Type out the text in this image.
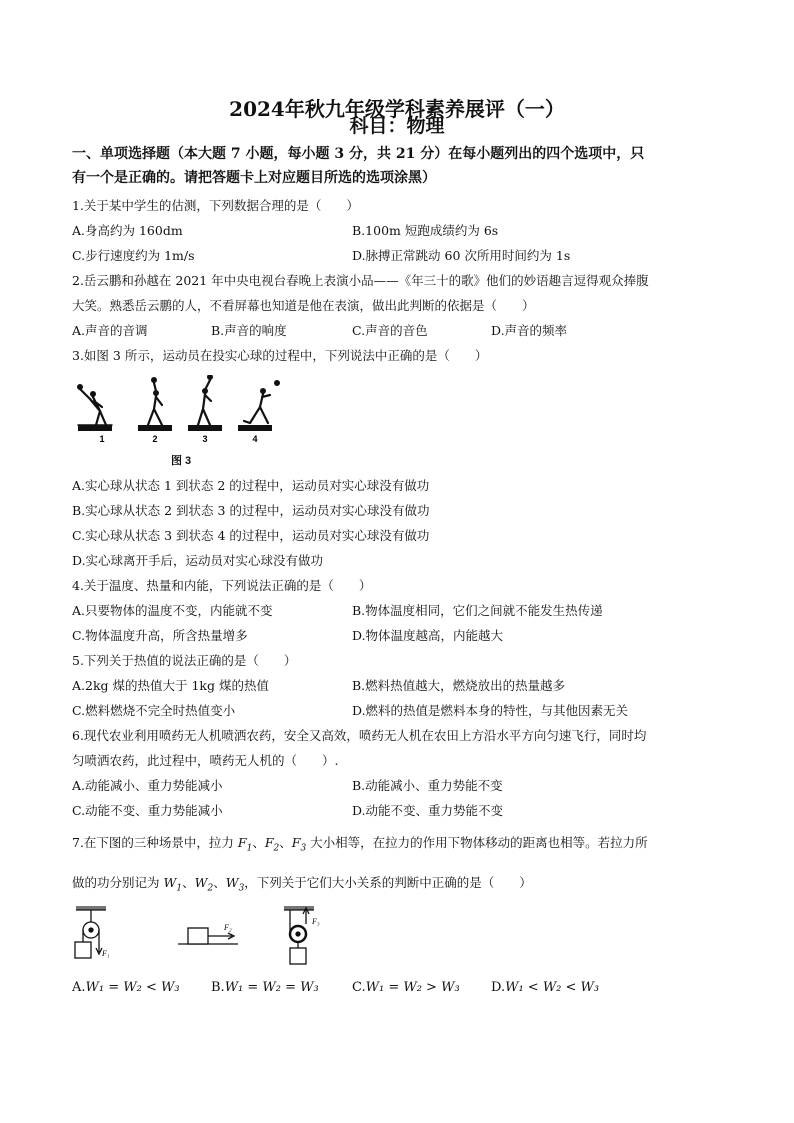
2024年秋九年级学科素养展评（一）
科目：物理
一、单项选择题（本大题 7 小题，每小题 3 分，共 21 分）在每小题列出的四个选项中，只
有一个是正确的。请把答题卡上对应题目所选的选项涂黑）
1.关于某中学生的估测，下列数据合理的是（　　）
A.身高约为 160dm	B.100m 短跑成绩约为 6s
C.步行速度约为 1m/s	D.脉搏正常跳动 60 次所用时间约为 1s
2.岳云鹏和孙越在 2021 年中央电视台春晚上表演小品——《年三十的歌》他们的妙语趣言逗得观众捧腹
大笑。熟悉岳云鹏的人，不看屏幕也知道是他在表演，做出此判断的依据是（　　）
A.声音的音调	B.声音的响度	C.声音的音色	D.声音的频率
3.如图 3 所示，运动员在投实心球的过程中，下列说法中正确的是（　　）
1	2	3	4
图 3
A.实心球从状态 1 到状态 2 的过程中，运动员对实心球没有做功
B.实心球从状态 2 到状态 3 的过程中，运动员对实心球没有做功
C.实心球从状态 3 到状态 4 的过程中，运动员对实心球没有做功
D.实心球离开手后，运动员对实心球没有做功
4.关于温度、热量和内能，下列说法正确的是（　　）
A.只要物体的温度不变，内能就不变	B.物体温度相同，它们之间就不能发生热传递
C.物体温度升高，所含热量增多	D.物体温度越高，内能越大
5.下列关于热值的说法正确的是（　　）
A.2kg 煤的热值大于 1kg 煤的热值	B.燃料热值越大，燃烧放出的热量越多
C.燃料燃烧不完全时热值变小	D.燃料的热值是燃料本身的特性，与其他因素无关
6.现代农业利用喷药无人机喷洒农药，安全又高效，喷药无人机在农田上方沿水平方向匀速飞行，同时均
匀喷洒农药，此过程中，喷药无人机的（　　）.
A.动能减小、重力势能减小	B.动能减小、重力势能不变
C.动能不变、重力势能减小	D.动能不变、重力势能不变
7.在下图的三种场景中，拉力 $F_1$、$F_2$、$F_3$ 大小相等，在拉力的作用下物体移动的距离也相等。若拉力所
做的功分别记为 $W_1$、$W_2$、$W_3$，下列关于它们大小关系的判断中正确的是（　　）
F₁
F₂
F₃
A.W₁ = W₂ < W₃ B.W₁ = W₂ = W₃	C.W₁ = W₂ > W₃ D.W₁ < W₂ < W₃
